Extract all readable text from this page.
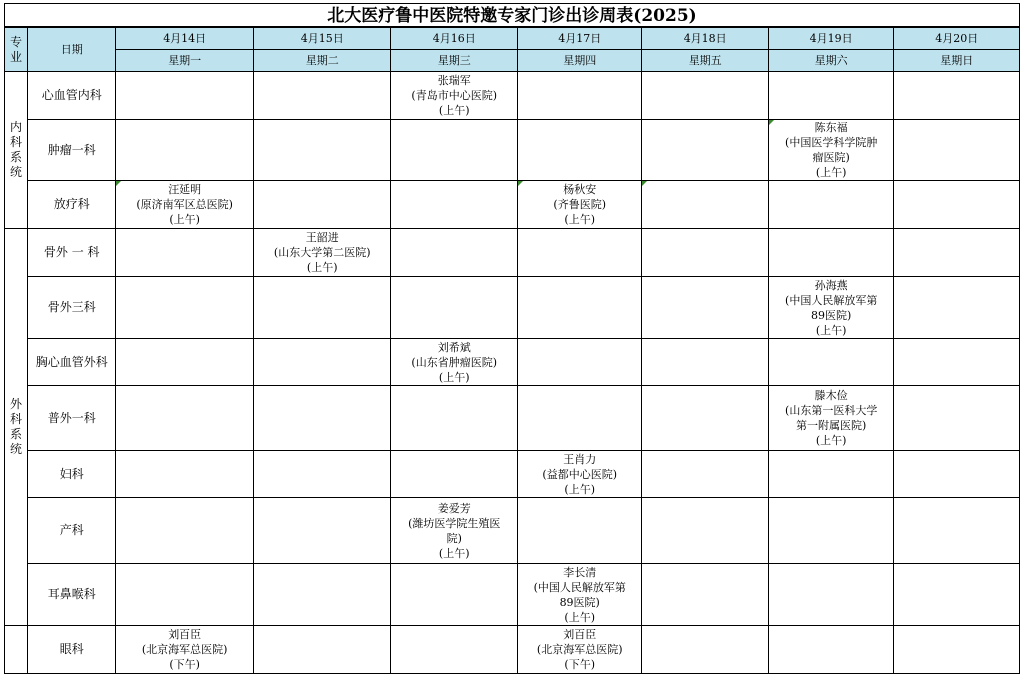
北大医疗鲁中医院特邀专家门诊出诊周表(2025)
专
业	日期	4月14日	4月15日	4月16日	4月17日	4月18日	4月19日	4月20日
		星期一	星期二	星期三	星期四	星期五	星期六	星期日

内
科
系
统	心血管内科			张瑞军
(青岛市中心医院)
(上午)				

	肿瘤一科						陈东福
(中国医学科学院肿
瘤医院)
(上午)	

	放疗科	汪延明
(原济南军区总医院)
(上午)			杨秋安
(齐鲁医院)
(上午)			

外
科
系
统	骨外 一 科		王韶进
(山东大学第二医院)
(上午)					

	骨外三科						孙海燕
(中国人民解放军第
89医院)
(上午)	

	胸心血管外科			刘希斌
(山东省肿瘤医院)
(上午)				

	普外一科						滕木俭
(山东第一医科大学
第一附属医院)
(上午)	

	妇科				王肖力
(益都中心医院)
(上午)			

	产科			姜爱芳
(潍坊医学院生殖医
院)
(上午)				

	耳鼻喉科				李长清
(中国人民解放军第
89医院)
(上午)			

	眼科	刘百臣
(北京海军总医院)
(下午)			刘百臣
(北京海军总医院)
(下午)			
